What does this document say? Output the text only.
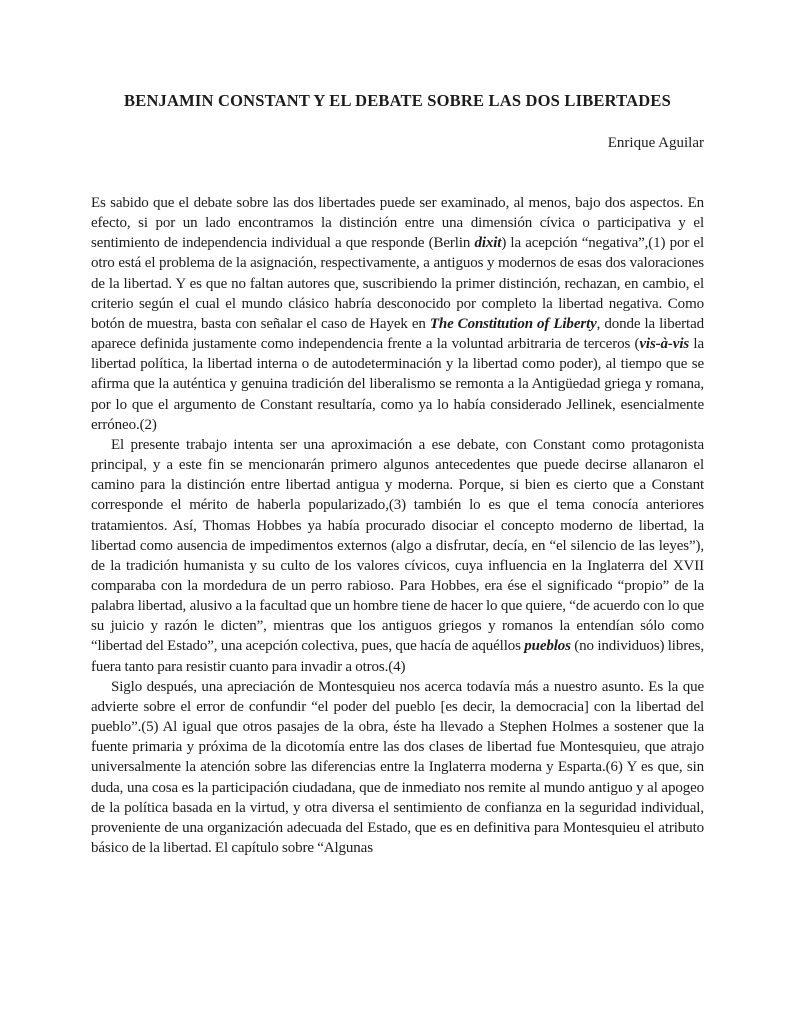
BENJAMIN CONSTANT Y EL DEBATE SOBRE LAS DOS LIBERTADES
Enrique Aguilar

Es sabido que el debate sobre las dos libertades puede ser examinado, al menos, bajo dos aspectos. En efecto, si por un lado encontramos la distinción entre una dimensión cívica o participativa y el sentimiento de independencia individual a que responde (Berlin dixit) la acepción “negativa”,(1) por el otro está el problema de la asignación, respectivamente, a antiguos y modernos de esas dos valoraciones de la libertad. Y es que no faltan autores que, suscribiendo la primer distinción, rechazan, en cambio, el criterio según el cual el mundo clásico habría desconocido por completo la libertad negativa. Como botón de muestra, basta con señalar el caso de Hayek en The Constitution of Liberty, donde la libertad aparece definida justamente como independencia frente a la voluntad arbitraria de terceros (vis-à-vis la libertad política, la libertad interna o de autodeterminación y la libertad como poder), al tiempo que se afirma que la auténtica y genuina tradición del liberalismo se remonta a la Antigüedad griega y romana, por lo que el argumento de Constant resultaría, como ya lo había considerado Jellinek, esencialmente erróneo.(2)

El presente trabajo intenta ser una aproximación a ese debate, con Constant como protagonista principal, y a este fin se mencionarán primero algunos antecedentes que puede decirse allanaron el camino para la distinción entre libertad antigua y moderna. Porque, si bien es cierto que a Constant corresponde el mérito de haberla popularizado,(3) también lo es que el tema conocía anteriores tratamientos. Así, Thomas Hobbes ya había procurado disociar el concepto moderno de libertad, la libertad como ausencia de impedimentos externos (algo a disfrutar, decía, en “el silencio de las leyes”), de la tradición humanista y su culto de los valores cívicos, cuya influencia en la Inglaterra del XVII comparaba con la mordedura de un perro rabioso. Para Hobbes, era ése el significado “propio” de la palabra libertad, alusivo a la facultad que un hombre tiene de hacer lo que quiere, “de acuerdo con lo que su juicio y razón le dicten”, mientras que los antiguos griegos y romanos la entendían sólo como “libertad del Estado”, una acepción colectiva, pues, que hacía de aquéllos pueblos (no individuos) libres, fuera tanto para resistir cuanto para invadir a otros.(4)

Siglo después, una apreciación de Montesquieu nos acerca todavía más a nuestro asunto. Es la que advierte sobre el error de confundir “el poder del pueblo [es decir, la democracia] con la libertad del pueblo”.(5) Al igual que otros pasajes de la obra, éste ha llevado a Stephen Holmes a sostener que la fuente primaria y próxima de la dicotomía entre las dos clases de libertad fue Montesquieu, que atrajo universalmente la atención sobre las diferencias entre la Inglaterra moderna y Esparta.(6) Y es que, sin duda, una cosa es la participación ciudadana, que de inmediato nos remite al mundo antiguo y al apogeo de la política basada en la virtud, y otra diversa el sentimiento de confianza en la seguridad individual, proveniente de una organización adecuada del Estado, que es en definitiva para Montesquieu el atributo básico de la libertad. El capítulo sobre “Algunas
